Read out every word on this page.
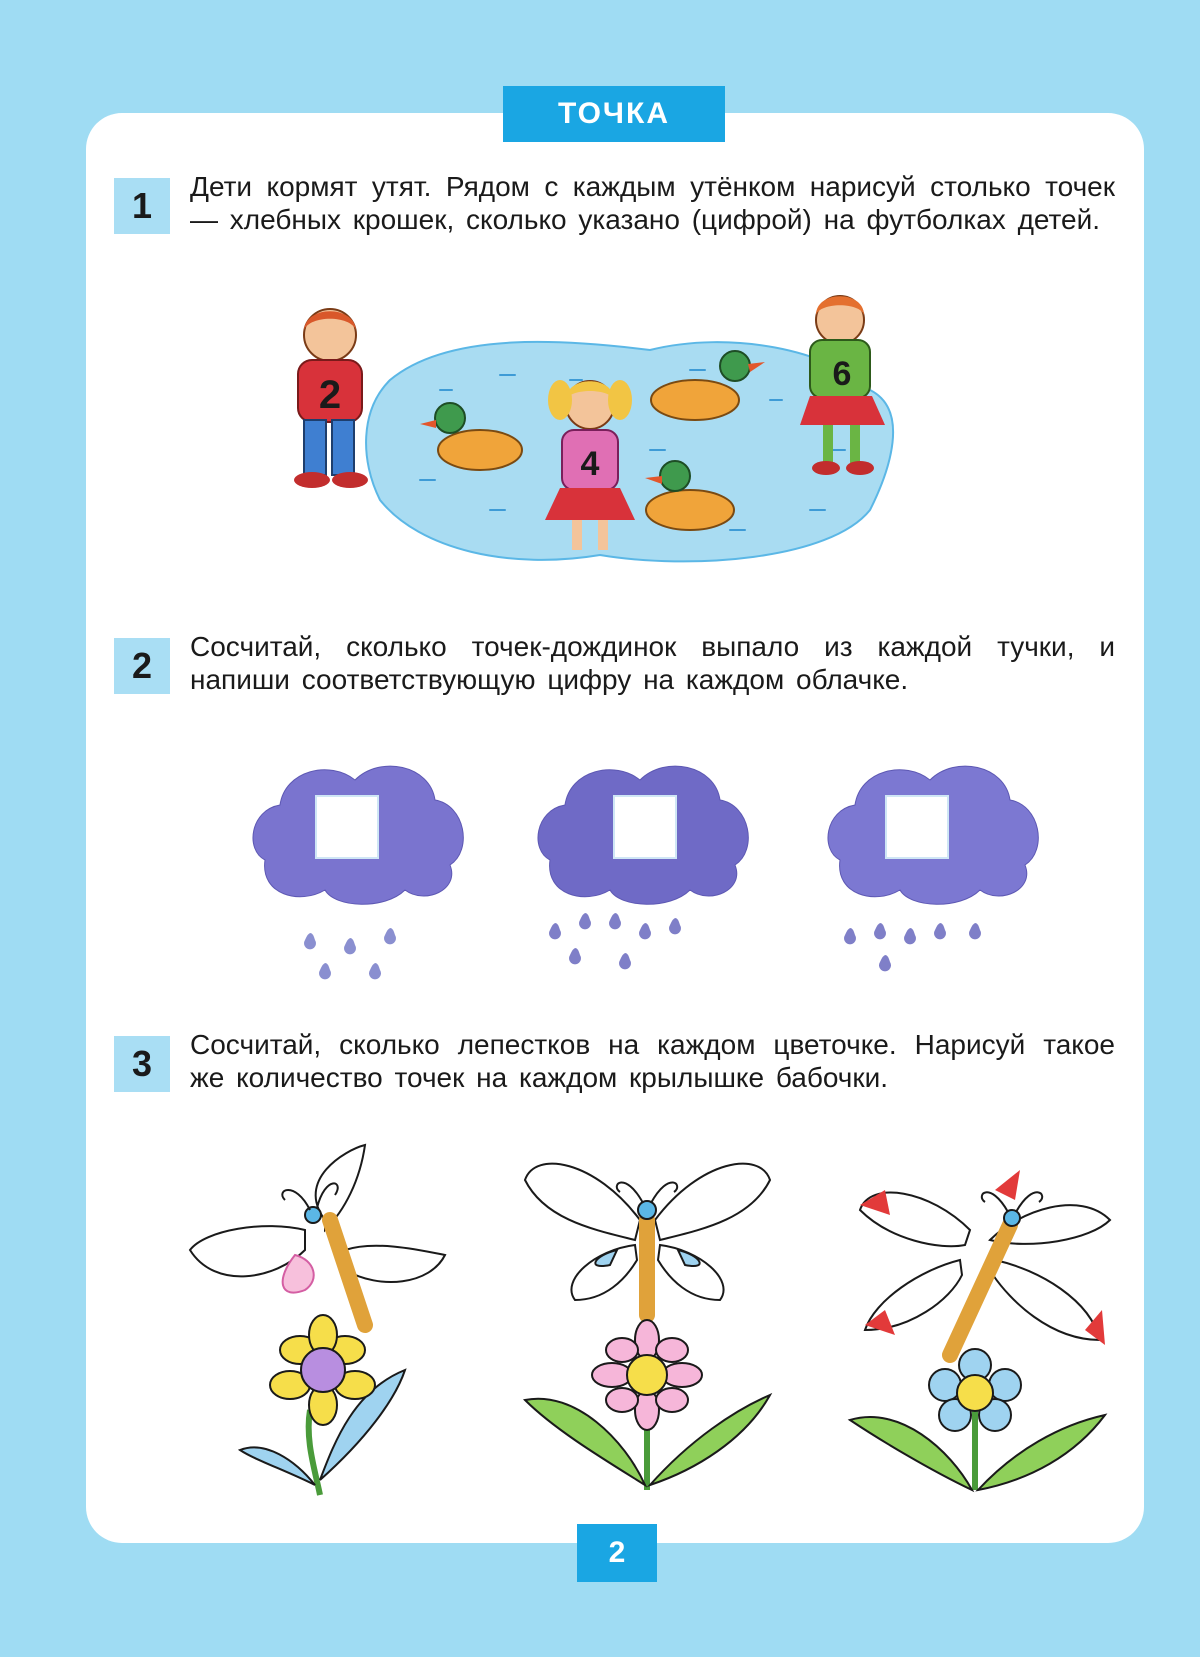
ТОЧКА
1	Дети кормят утят. Рядом с каждым утёнком нарисуй столько точек — хлебных крошек, сколько указано (цифрой) на футболках детей.
2
4
6
2	Сосчитай, сколько точек-дождинок выпало из каждой тучки, и напиши соответствующую цифру на каждом облачке.
3	Сосчитай, сколько лепестков на каждом цветочке. Нарисуй такое же количество точек на каждом крылышке бабочки.
2
